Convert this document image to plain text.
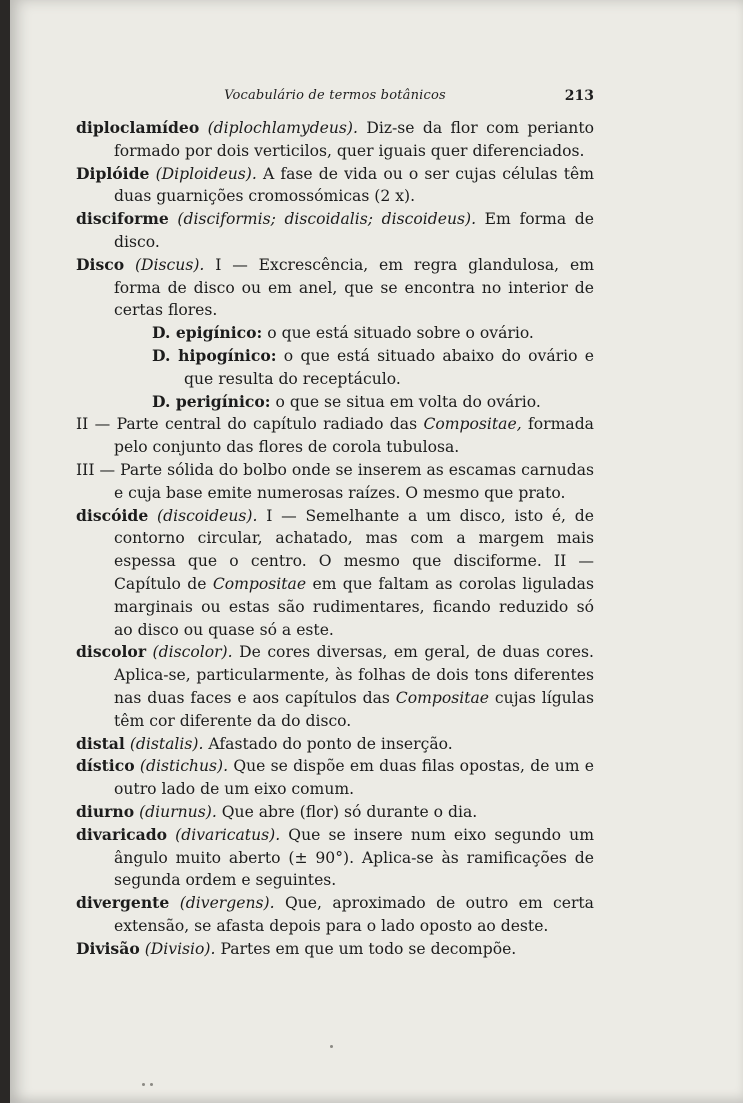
Vocabulário de termos botânicos	213

diploclamídeo (diplochlamydeus). Diz-se da flor com perianto formado por dois verticilos, quer iguais quer diferenciados.

Diplóide (Diploideus). A fase de vida ou o ser cujas células têm duas guarnições cromossómicas (2 x).

disciforme (disciformis; discoidalis; discoideus). Em forma de disco.

Disco (Discus). I — Excrescência, em regra glandulosa, em forma de disco ou em anel, que se encontra no interior de certas flores.

D. epigínico: o que está situado sobre o ovário.

D. hipogínico: o que está situado abaixo do ovário e que resulta do receptáculo.

D. perigínico: o que se situa em volta do ovário.

II — Parte central do capítulo radiado das Compositae, formada pelo conjunto das flores de corola tubulosa.

III — Parte sólida do bolbo onde se inserem as escamas carnudas e cuja base emite numerosas raízes. O mesmo que prato.

discóide (discoideus). I — Semelhante a um disco, isto é, de contorno circular, achatado, mas com a margem mais espessa que o centro. O mesmo que disciforme. II — Capítulo de Compositae em que faltam as corolas liguladas marginais ou estas são rudimentares, ficando reduzido só ao disco ou quase só a este.

discolor (discolor). De cores diversas, em geral, de duas cores. Aplica-se, particularmente, às folhas de dois tons diferentes nas duas faces e aos capítulos das Compositae cujas lígulas têm cor diferente da do disco.

distal (distalis). Afastado do ponto de inserção.

dístico (distichus). Que se dispõe em duas filas opostas, de um e outro lado de um eixo comum.

diurno (diurnus). Que abre (flor) só durante o dia.

divaricado (divaricatus). Que se insere num eixo segundo um ângulo muito aberto (± 90°). Aplica-se às ramificações de segunda ordem e seguintes.

divergente (divergens). Que, aproximado de outro em certa extensão, se afasta depois para o lado oposto ao deste.

Divisão (Divisio). Partes em que um todo se decompõe.
